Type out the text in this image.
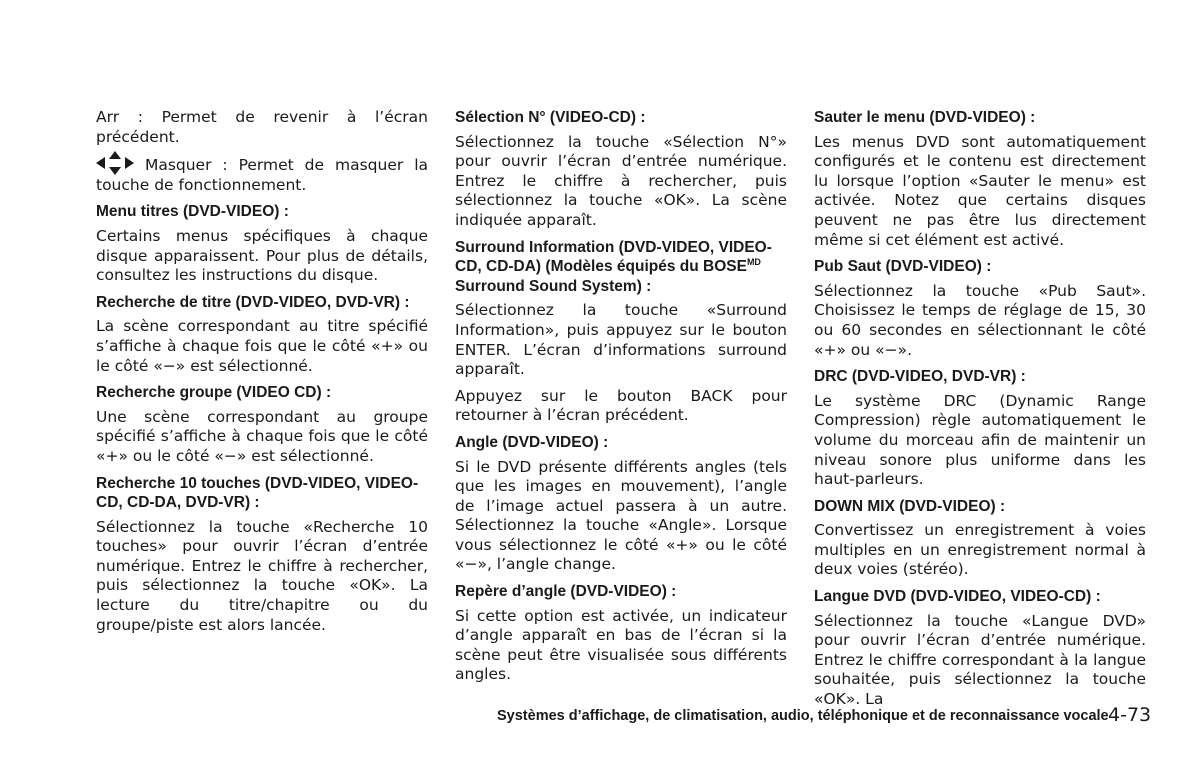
Arr : Permet de revenir à l’écran précédent.

Masquer : Permet de masquer la touche de fonctionnement.

Menu titres (DVD-VIDEO) :

Certains menus spécifiques à chaque disque apparaissent. Pour plus de détails, consultez les instructions du disque.

Recherche de titre (DVD-VIDEO, DVD-VR) :

La scène correspondant au titre spécifié s’affiche à chaque fois que le côté «+» ou le côté «−» est sélectionné.

Recherche groupe (VIDEO CD) :

Une scène correspondant au groupe spécifié s’affiche à chaque fois que le côté «+» ou le côté «−» est sélectionné.

Recherche 10 touches (DVD-VIDEO, VIDEO-CD, CD-DA, DVD-VR) :

Sélectionnez la touche «Recherche 10 touches» pour ouvrir l’écran d’entrée numérique. Entrez le chiffre à rechercher, puis sélectionnez la touche «OK». La lecture du titre/chapitre ou du groupe/piste est alors lancée.

Sélection N° (VIDEO-CD) :

Sélectionnez la touche «Sélection N°» pour ouvrir l’écran d’entrée numérique. Entrez le chiffre à rechercher, puis sélectionnez la touche «OK». La scène indiquée apparaît.

Surround Information (DVD-VIDEO, VIDEO-CD, CD-DA) (Modèles équipés du $BOSE^{MD}$ Surround Sound System) :

Sélectionnez la touche «Surround Information», puis appuyez sur le bouton ENTER. L’écran d’informations surround apparaît.

Appuyez sur le bouton BACK pour retourner à l’écran précédent.

Angle (DVD-VIDEO) :

Si le DVD présente différents angles (tels que les images en mouvement), l’angle de l’image actuel passera à un autre. Sélectionnez la touche «Angle». Lorsque vous sélectionnez le côté «+» ou le côté «−», l’angle change.

Repère d’angle (DVD-VIDEO) :

Si cette option est activée, un indicateur d’angle apparaît en bas de l’écran si la scène peut être visualisée sous différents angles.

Sauter le menu (DVD-VIDEO) :

Les menus DVD sont automatiquement configurés et le contenu est directement lu lorsque l’option «Sauter le menu» est activée. Notez que certains disques peuvent ne pas être lus directement même si cet élément est activé.

Pub Saut (DVD-VIDEO) :

Sélectionnez la touche «Pub Saut». Choisissez le temps de réglage de 15, 30 ou 60 secondes en sélectionnant le côté «+» ou «−».

DRC (DVD-VIDEO, DVD-VR) :

Le système DRC (Dynamic Range Compression) règle automatiquement le volume du morceau afin de maintenir un niveau sonore plus uniforme dans les haut-parleurs.

DOWN MIX (DVD-VIDEO) :

Convertissez un enregistrement à voies multiples en un enregistrement normal à deux voies (stéréo).

Langue DVD (DVD-VIDEO, VIDEO-CD) :

Sélectionnez la touche «Langue DVD» pour ouvrir l’écran d’entrée numérique. Entrez le chiffre correspondant à la langue souhaitée, puis sélectionnez la touche «OK». La

Systèmes d’affichage, de climatisation, audio, téléphonique et de reconnaissance vocale 4-73
